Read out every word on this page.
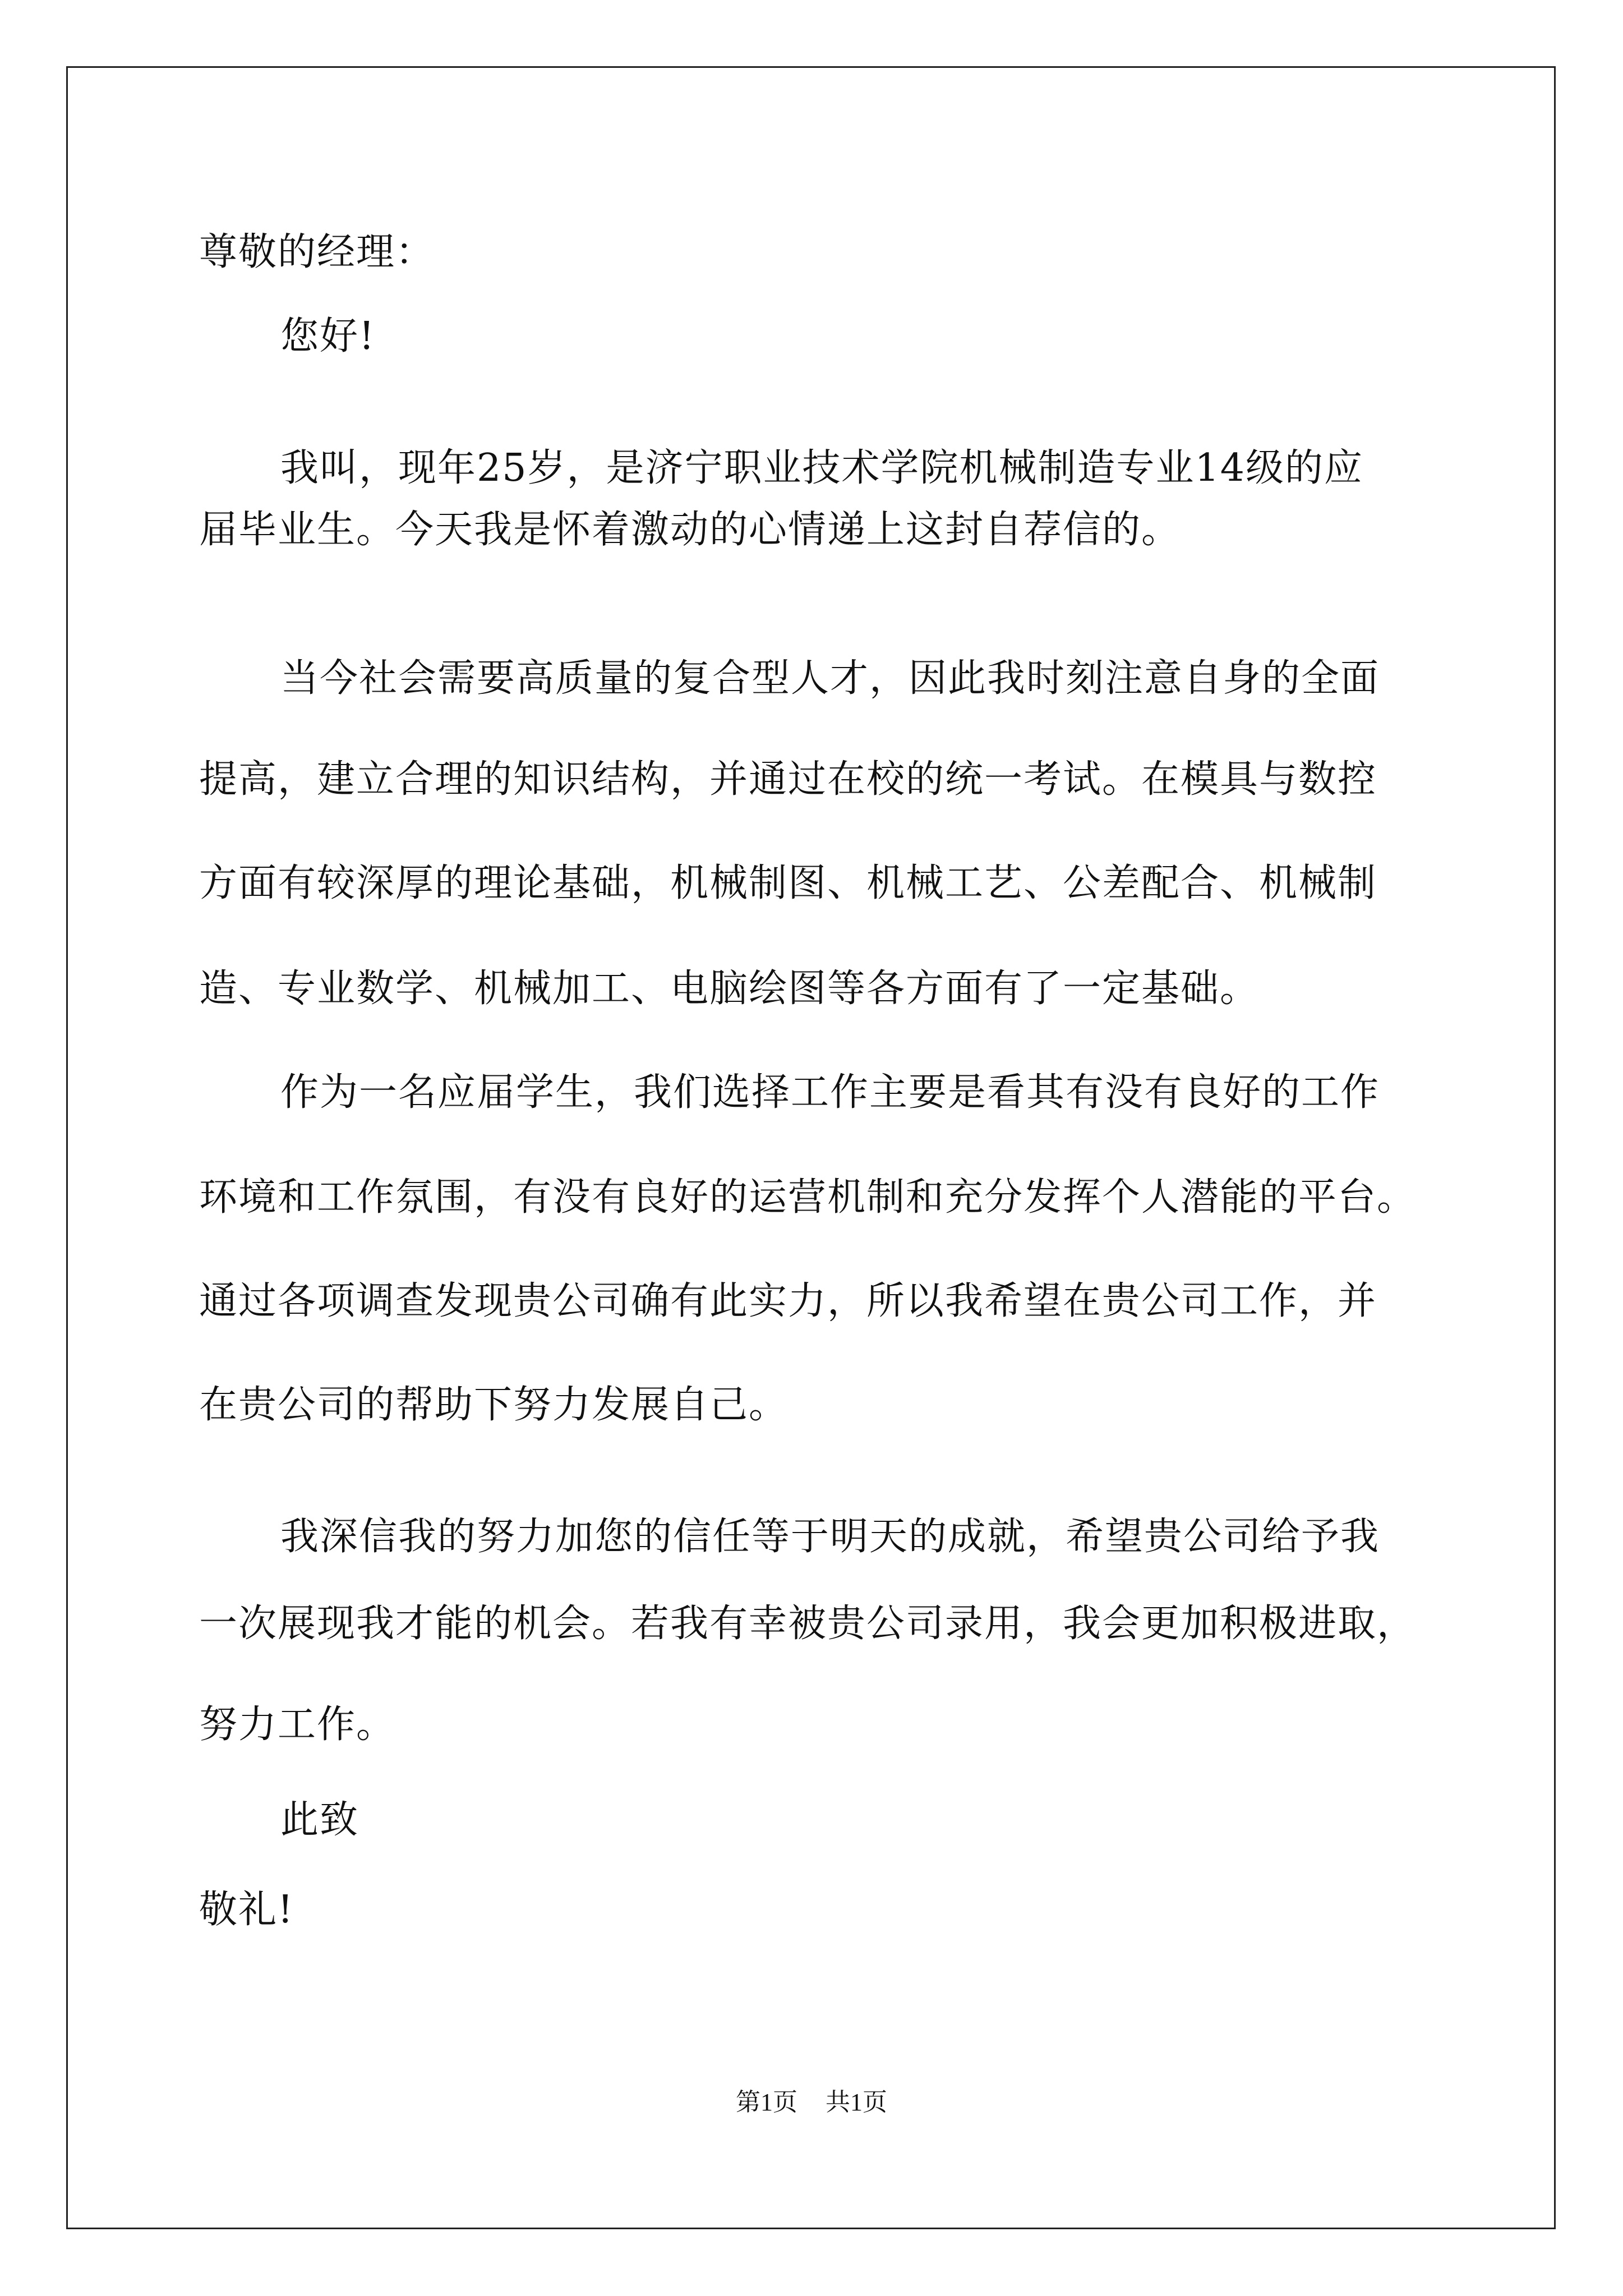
尊敬的经理：

您好!

我叫，现年25岁，是济宁职业技术学院机械制造专业14级的应

届毕业生。今天我是怀着激动的心情递上这封自荐信的。

当今社会需要高质量的复合型人才，因此我时刻注意自身的全面

提高，建立合理的知识结构，并通过在校的统一考试。在模具与数控

方面有较深厚的理论基础，机械制图、机械工艺、公差配合、机械制

造、专业数学、机械加工、电脑绘图等各方面有了一定基础。

作为一名应届学生，我们选择工作主要是看其有没有良好的工作

环境和工作氛围，有没有良好的运营机制和充分发挥个人潜能的平台。

通过各项调查发现贵公司确有此实力，所以我希望在贵公司工作，并

在贵公司的帮助下努力发展自己。

我深信我的努力加您的信任等于明天的成就，希望贵公司给予我

一次展现我才能的机会。若我有幸被贵公司录用，我会更加积极进取，

努力工作。

此致

敬礼!

第1页 共1页
